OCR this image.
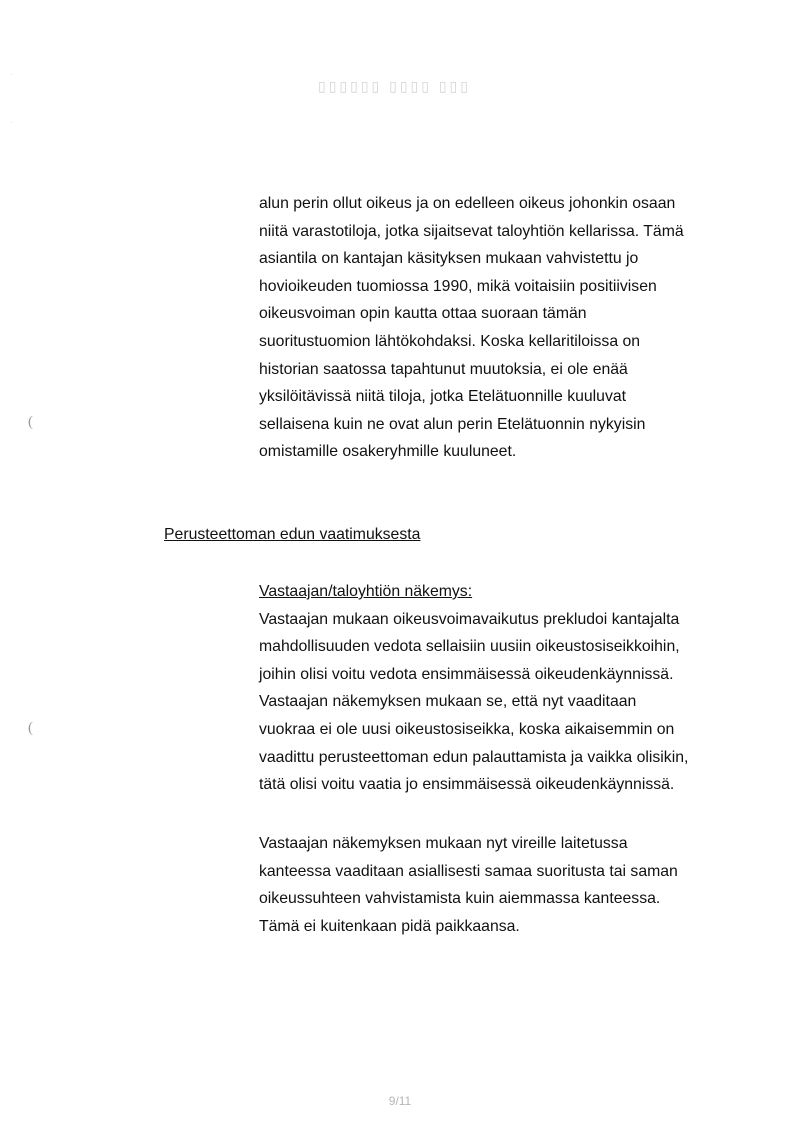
·
·
(
(
▯▯▯▯▯▯ ▯▯▯▯ ▯▯▯
alun perin ollut oikeus ja on edelleen oikeus johonkin osaan
niitä varastotiloja, jotka sijaitsevat taloyhtiön kellarissa. Tämä
asiantila on kantajan käsityksen mukaan vahvistettu jo
hovioikeuden tuomiossa 1990, mikä voitaisiin positiivisen
oikeusvoiman opin kautta ottaa suoraan tämän
suoritustuomion lähtökohdaksi. Koska kellaritiloissa on
historian saatossa tapahtunut muutoksia, ei ole enää
yksilöitävissä niitä tiloja, jotka Etelätuonnille kuuluvat
sellaisena kuin ne ovat alun perin Etelätuonnin nykyisin
omistamille osakeryhmille kuuluneet.
Perusteettoman edun vaatimuksesta
Vastaajan/taloyhtiön näkemys:
Vastaajan mukaan oikeusvoimavaikutus prekludoi kantajalta
mahdollisuuden vedota sellaisiin uusiin oikeustosiseikkoihin,
joihin olisi voitu vedota ensimmäisessä oikeudenkäynnissä.
Vastaajan näkemyksen mukaan se, että nyt vaaditaan
vuokraa ei ole uusi oikeustosiseikka, koska aikaisemmin on
vaadittu perusteettoman edun palauttamista ja vaikka olisikin,
tätä olisi voitu vaatia jo ensimmäisessä oikeudenkäynnissä.
Vastaajan näkemyksen mukaan nyt vireille laitetussa
kanteessa vaaditaan asiallisesti samaa suoritusta tai saman
oikeussuhteen vahvistamista kuin aiemmassa kanteessa.
Tämä ei kuitenkaan pidä paikkaansa.
9/11
